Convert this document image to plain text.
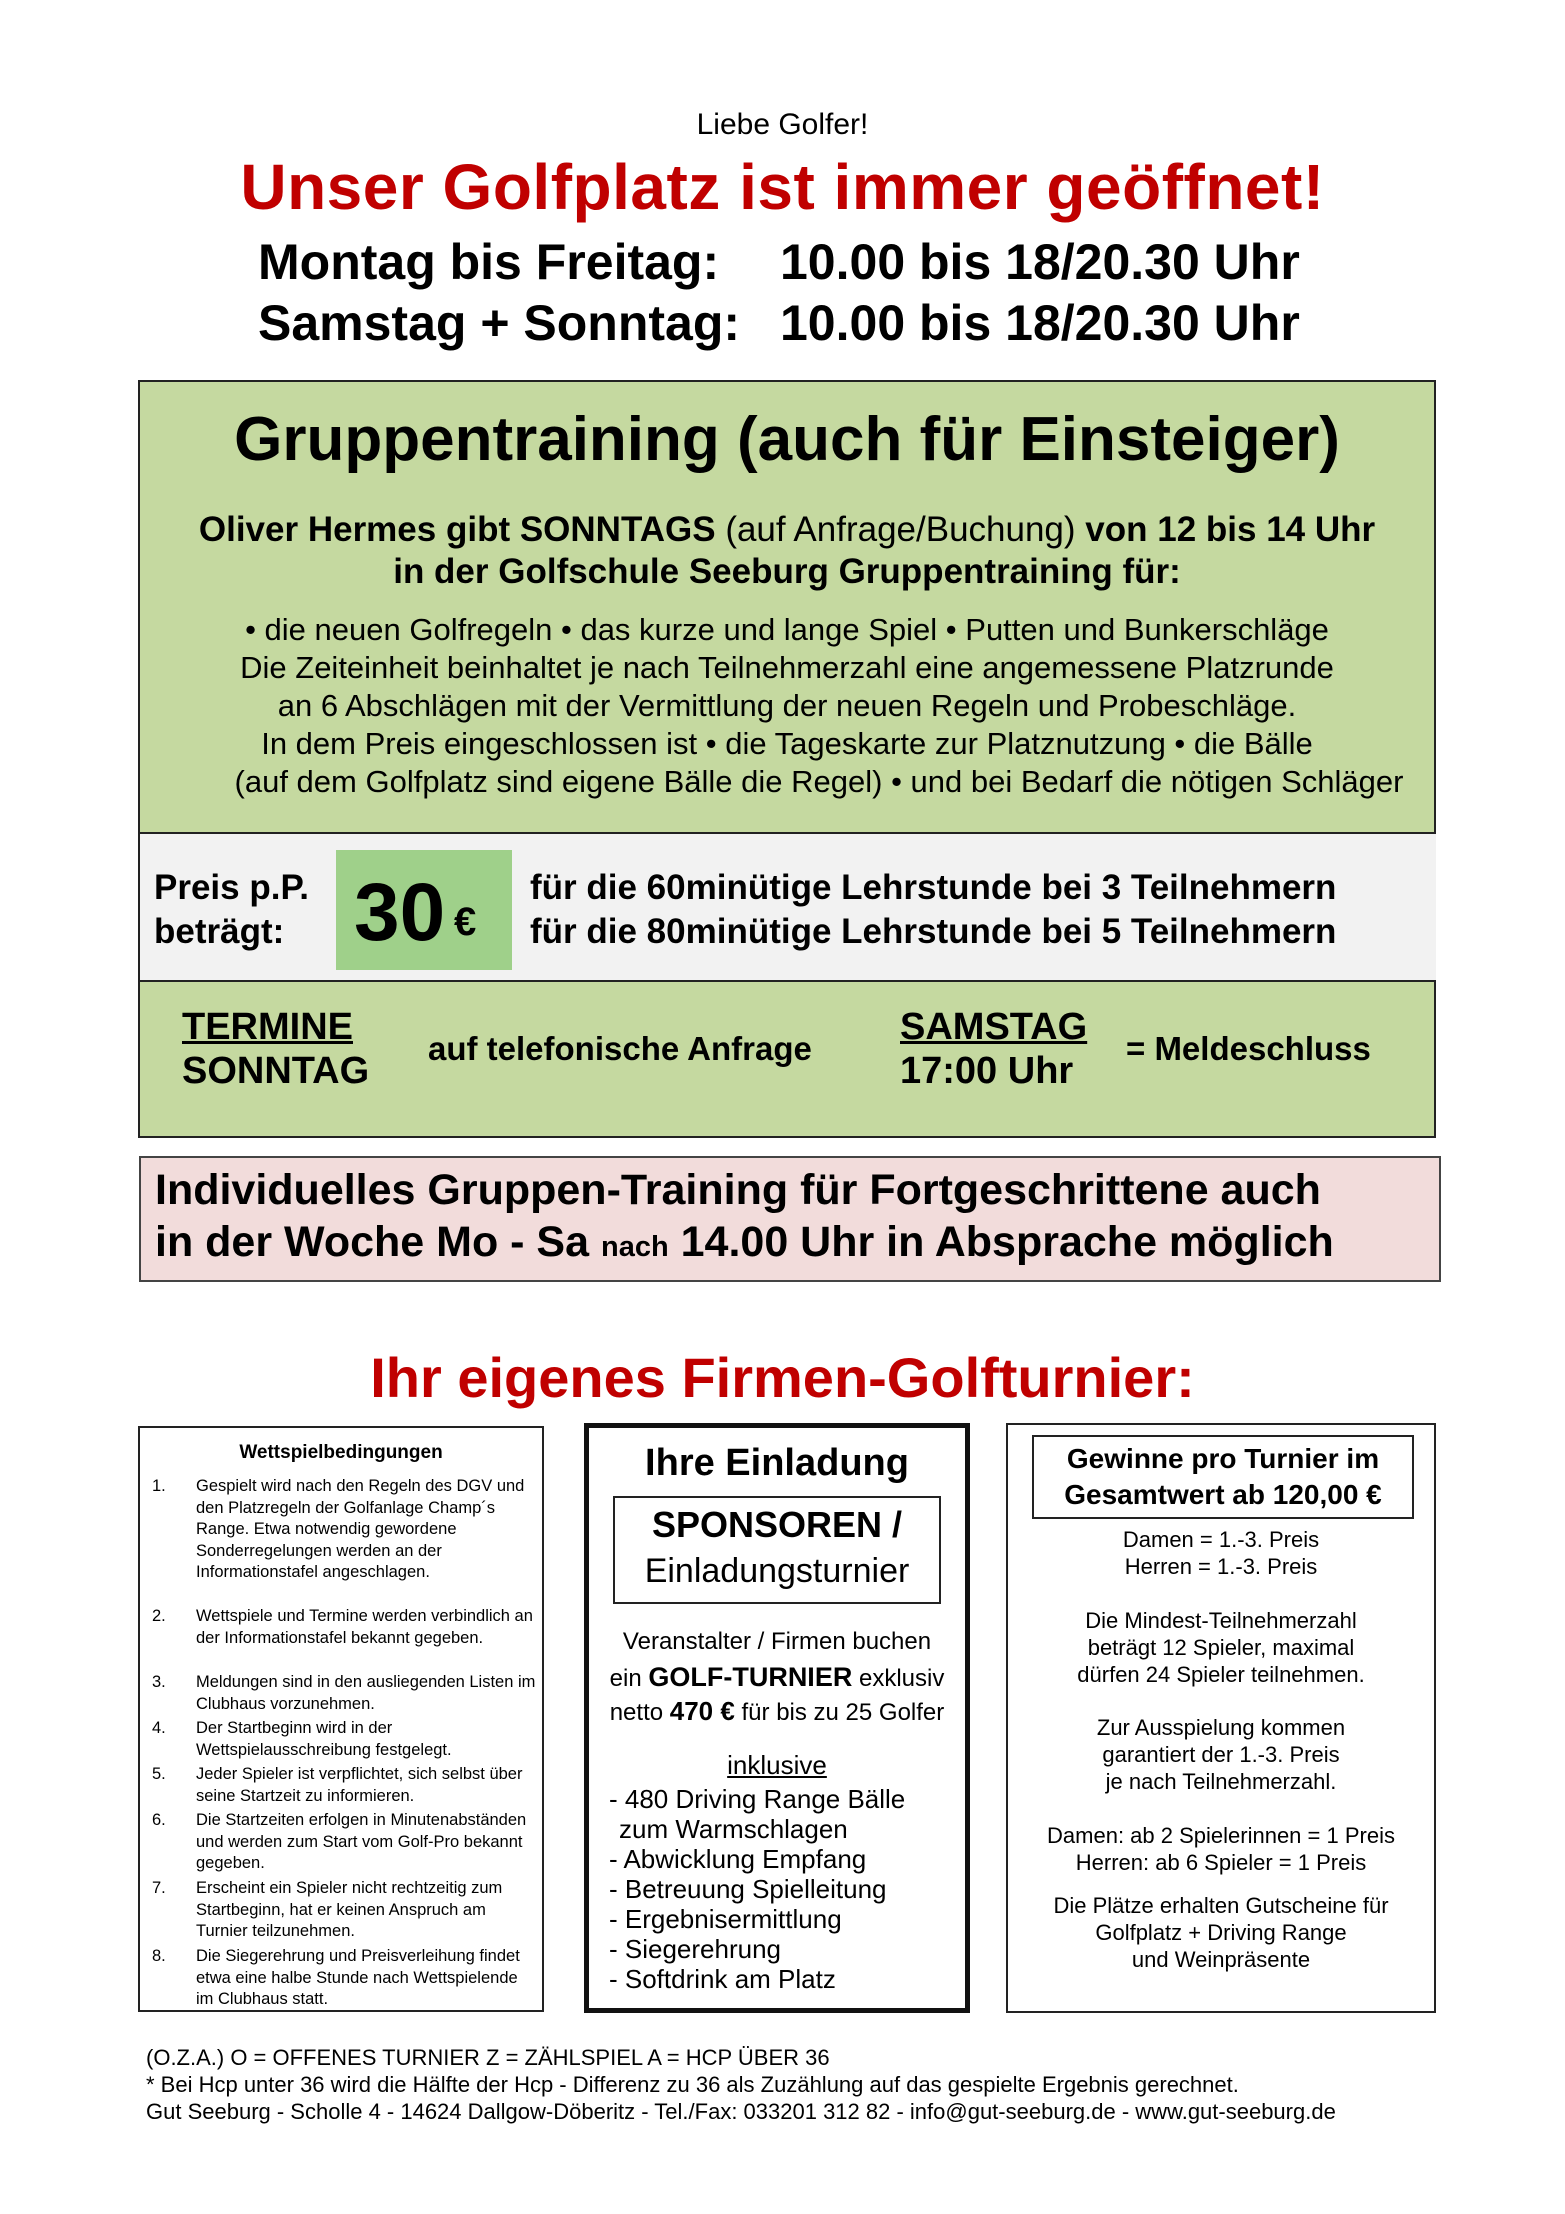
Liebe Golfer!
Unser Golfplatz ist immer geöffnet!
Montag bis Freitag: 10.00 bis 18/20.30 Uhr
Samstag + Sonntag: 10.00 bis 18/20.30 Uhr
Gruppentraining (auch für Einsteiger)
Oliver Hermes gibt SONNTAGS (auf Anfrage/Buchung) von 12 bis 14 Uhr
in der Golfschule Seeburg Gruppentraining für:
• die neuen Golfregeln • das kurze und lange Spiel • Putten und Bunkerschläge
Die Zeiteinheit beinhaltet je nach Teilnehmerzahl eine angemessene Platzrunde
an 6 Abschlägen mit der Vermittlung der neuen Regeln und Probeschläge.
In dem Preis eingeschlossen ist • die Tageskarte zur Platznutzung • die Bälle
(auf dem Golfplatz sind eigene Bälle die Regel) • und bei Bedarf die nötigen Schläger
Preis p.P.
beträgt: 30 €
für die 60minütige Lehrstunde bei 3 Teilnehmern
für die 80minütige Lehrstunde bei 5 Teilnehmern
TERMINE
SONNTAG
auf telefonische Anfrage
SAMSTAG
17:00 Uhr
= Meldeschluss
Individuelles Gruppen-Training für Fortgeschrittene auch
in der Woche Mo - Sa nach 14.00 Uhr in Absprache möglich
Ihr eigenes Firmen-Golfturnier:
Wettspielbedingungen
1.	Gespielt wird nach den Regeln des DGV und den Platzregeln der Golfanlage Champ´s Range. Etwa notwendig gewordene Sonderregelungen werden an der Informationstafel angeschlagen.
2.	Wettspiele und Termine werden verbindlich an der Informationstafel bekannt gegeben.
3.	Meldungen sind in den ausliegenden Listen im Clubhaus vorzunehmen.
4.	Der Startbeginn wird in der Wettspielausschreibung festgelegt.
5.	Jeder Spieler ist verpflichtet, sich selbst über seine Startzeit zu informieren.
6.	Die Startzeiten erfolgen in Minutenabständen und werden zum Start vom Golf-Pro bekannt gegeben.
7.	Erscheint ein Spieler nicht rechtzeitig zum Startbeginn, hat er keinen Anspruch am Turnier teilzunehmen.
8.	Die Siegerehrung und Preisverleihung findet etwa eine halbe Stunde nach Wettspielende im Clubhaus statt.
Ihre Einladung
SPONSOREN /
Einladungsturnier
Veranstalter / Firmen buchen
ein GOLF-TURNIER exklusiv
netto 470 € für bis zu 25 Golfer
inklusive
- 480 Driving Range Bälle
zum Warmschlagen
- Abwicklung Empfang
- Betreuung Spielleitung
- Ergebnisermittlung
- Siegerehrung
- Softdrink am Platz
Gewinne pro Turnier im
Gesamtwert ab 120,00 €
Damen = 1.-3. Preis
Herren = 1.-3. Preis
Die Mindest-Teilnehmerzahl
beträgt 12 Spieler, maximal
dürfen 24 Spieler teilnehmen.
Zur Ausspielung kommen
garantiert der 1.-3. Preis
je nach Teilnehmerzahl.
Damen: ab 2 Spielerinnen = 1 Preis
Herren: ab 6 Spieler = 1 Preis
Die Plätze erhalten Gutscheine für
Golfplatz + Driving Range
und Weinpräsente
(O.Z.A.) O = OFFENES TURNIER Z = ZÄHLSPIEL A = HCP ÜBER 36
* Bei Hcp unter 36 wird die Hälfte der Hcp - Differenz zu 36 als Zuzählung auf das gespielte Ergebnis gerechnet.
Gut Seeburg - Scholle 4 - 14624 Dallgow-Döberitz - Tel./Fax: 033201 312 82 - info@gut-seeburg.de - www.gut-seeburg.de
